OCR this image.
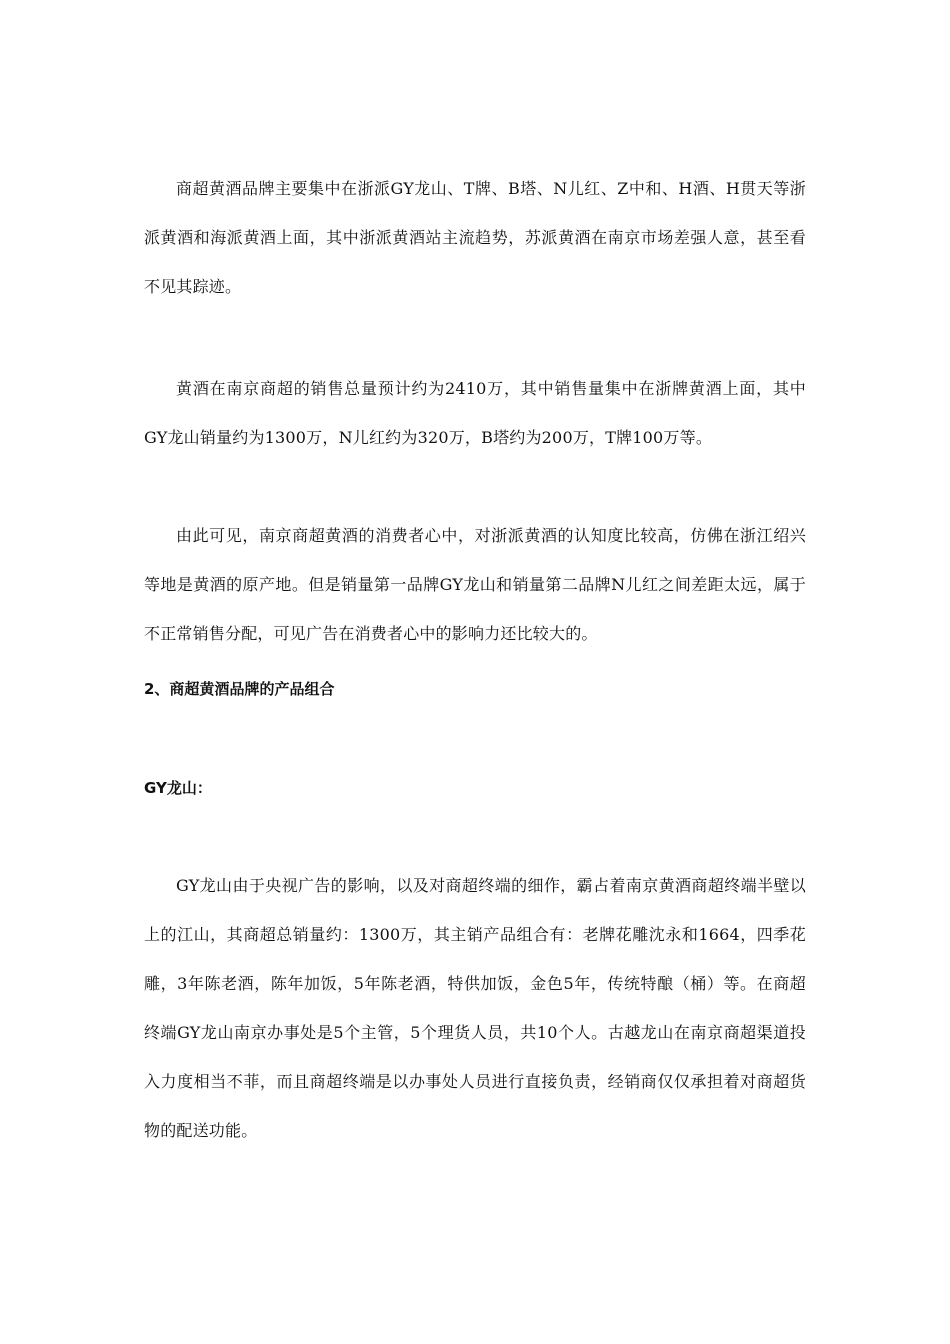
商超黄酒品牌主要集中在浙派GY龙山、T牌、B塔、N儿红、Z中和、H酒、H贯天等浙派黄酒和海派黄酒上面，其中浙派黄酒站主流趋势，苏派黄酒在南京市场差强人意，甚至看不见其踪迹。

黄酒在南京商超的销售总量预计约为2410万，其中销售量集中在浙牌黄酒上面，其中GY龙山销量约为1300万，N儿红约为320万，B塔约为200万，T牌100万等。

由此可见，南京商超黄酒的消费者心中，对浙派黄酒的认知度比较高，仿佛在浙江绍兴等地是黄酒的原产地。但是销量第一品牌GY龙山和销量第二品牌N儿红之间差距太远，属于不正常销售分配，可见广告在消费者心中的影响力还比较大的。

2、商超黄酒品牌的产品组合
GY龙山：

GY龙山由于央视广告的影响，以及对商超终端的细作，霸占着南京黄酒商超终端半壁以上的江山，其商超总销量约：1300万，其主销产品组合有：老牌花雕沈永和1664，四季花雕，3年陈老酒，陈年加饭，5年陈老酒，特供加饭，金色5年，传统特酿（桶）等。在商超终端GY龙山南京办事处是5个主管，5个理货人员，共10个人。古越龙山在南京商超渠道投入力度相当不菲，而且商超终端是以办事处人员进行直接负责，经销商仅仅承担着对商超货物的配送功能。
